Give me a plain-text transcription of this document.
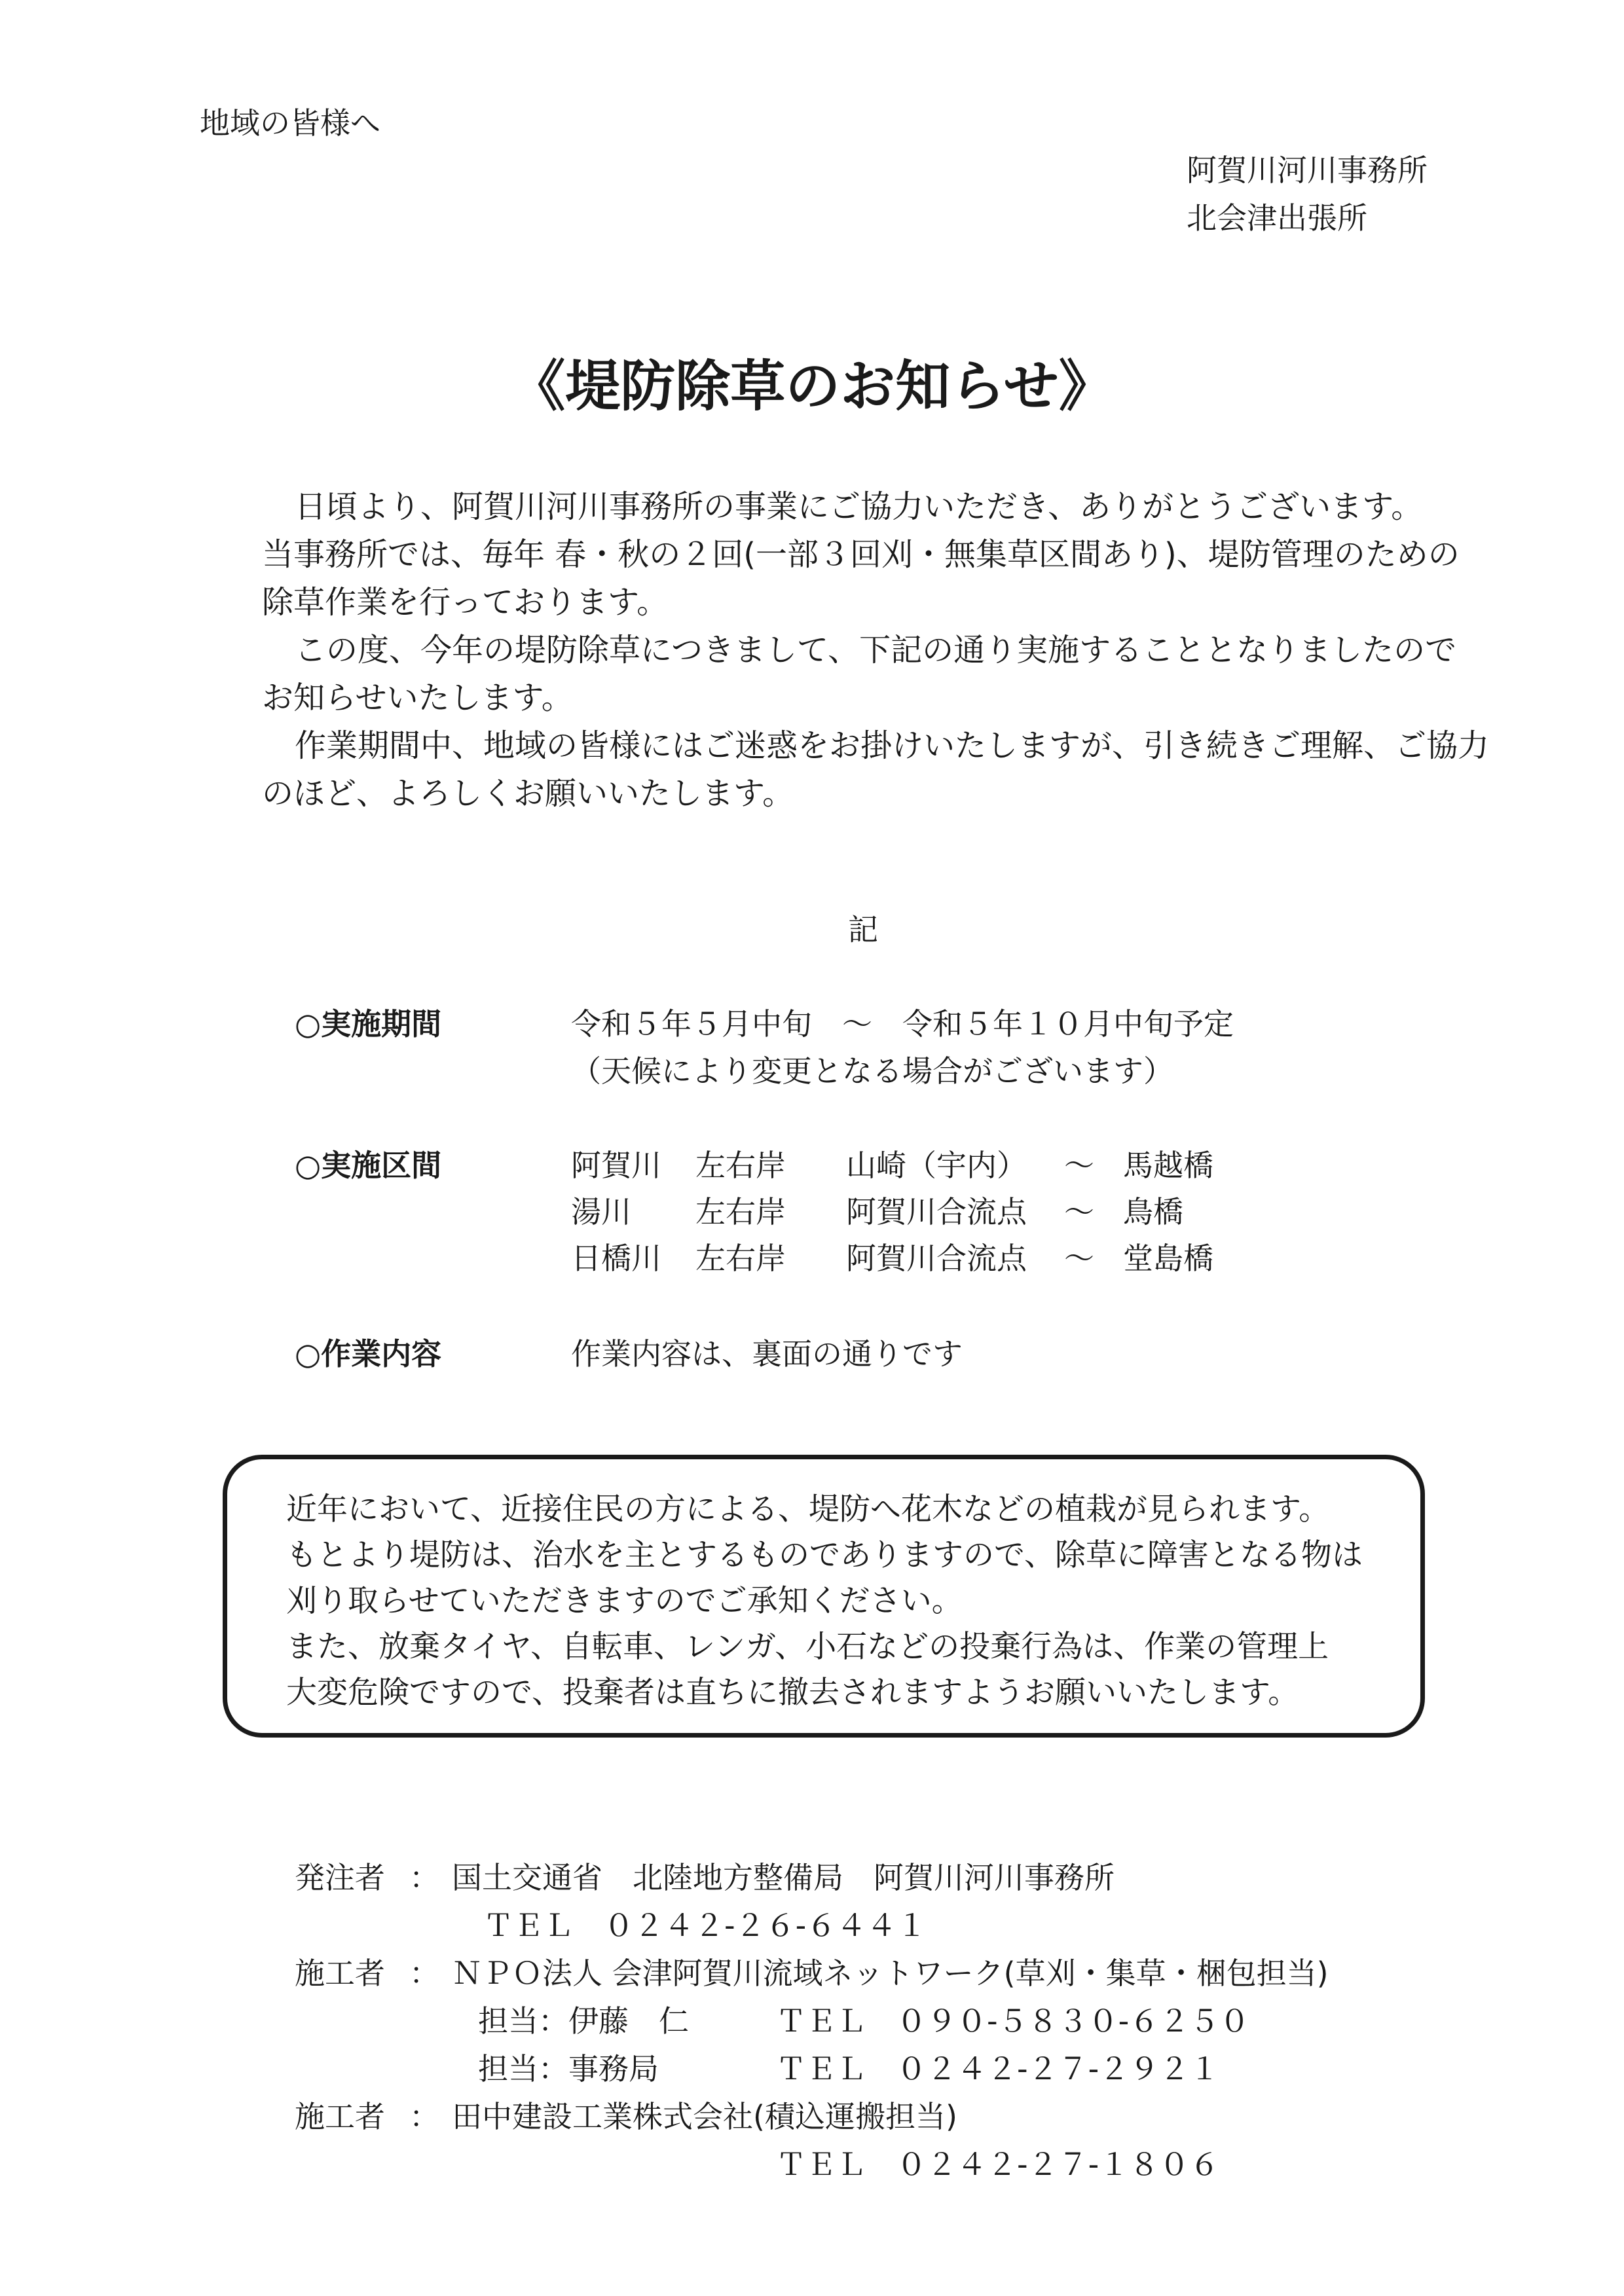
地域の皆様へ
阿賀川河川事務所
北会津出張所
《堤防除草のお知らせ》
日頃より、阿賀川河川事務所の事業にご協力いただき、ありがとうございます。
当事務所では、毎年 春・秋の２回(一部３回刈・無集草区間あり)、堤防管理のための
除草作業を行っております。
この度、今年の堤防除草につきまして、下記の通り実施することとなりましたので
お知らせいたします。
作業期間中、地域の皆様にはご迷惑をお掛けいたしますが、引き続きご理解、ご協力
のほど、よろしくお願いいたします。
記
○実施期間	令和５年５月中旬　～　令和５年１０月中旬予定
（天候により変更となる場合がございます）
○実施区間	阿賀川 左右岸 山崎（宇内） ～ 馬越橋
湯川 左右岸 阿賀川合流点 ～ 鳥橋
日橋川 左右岸 阿賀川合流点 ～ 堂島橋
○作業内容	作業内容は、裏面の通りです
近年において、近接住民の方による、堤防へ花木などの植栽が見られます。
もとより堤防は、治水を主とするものでありますので、除草に障害となる物は
刈り取らせていただきますのでご承知ください。
また、放棄タイヤ、自転車、レンガ、小石などの投棄行為は、作業の管理上
大変危険ですので、投棄者は直ちに撤去されますようお願いいたします。
発注者 ： 国土交通省　北陸地方整備局　阿賀川河川事務所
ＴＥＬ　０２４２-２６-６４４１
施工者 ： ＮＰＯ法人 会津阿賀川流域ネットワーク(草刈・集草・梱包担当)
担当：伊藤　仁	ＴＥＬ　０９０-５８３０-６２５０
担当：事務局	ＴＥＬ　０２４２-２７-２９２１
施工者 ： 田中建設工業株式会社(積込運搬担当)
ＴＥＬ　０２４２-２７-１８０６
